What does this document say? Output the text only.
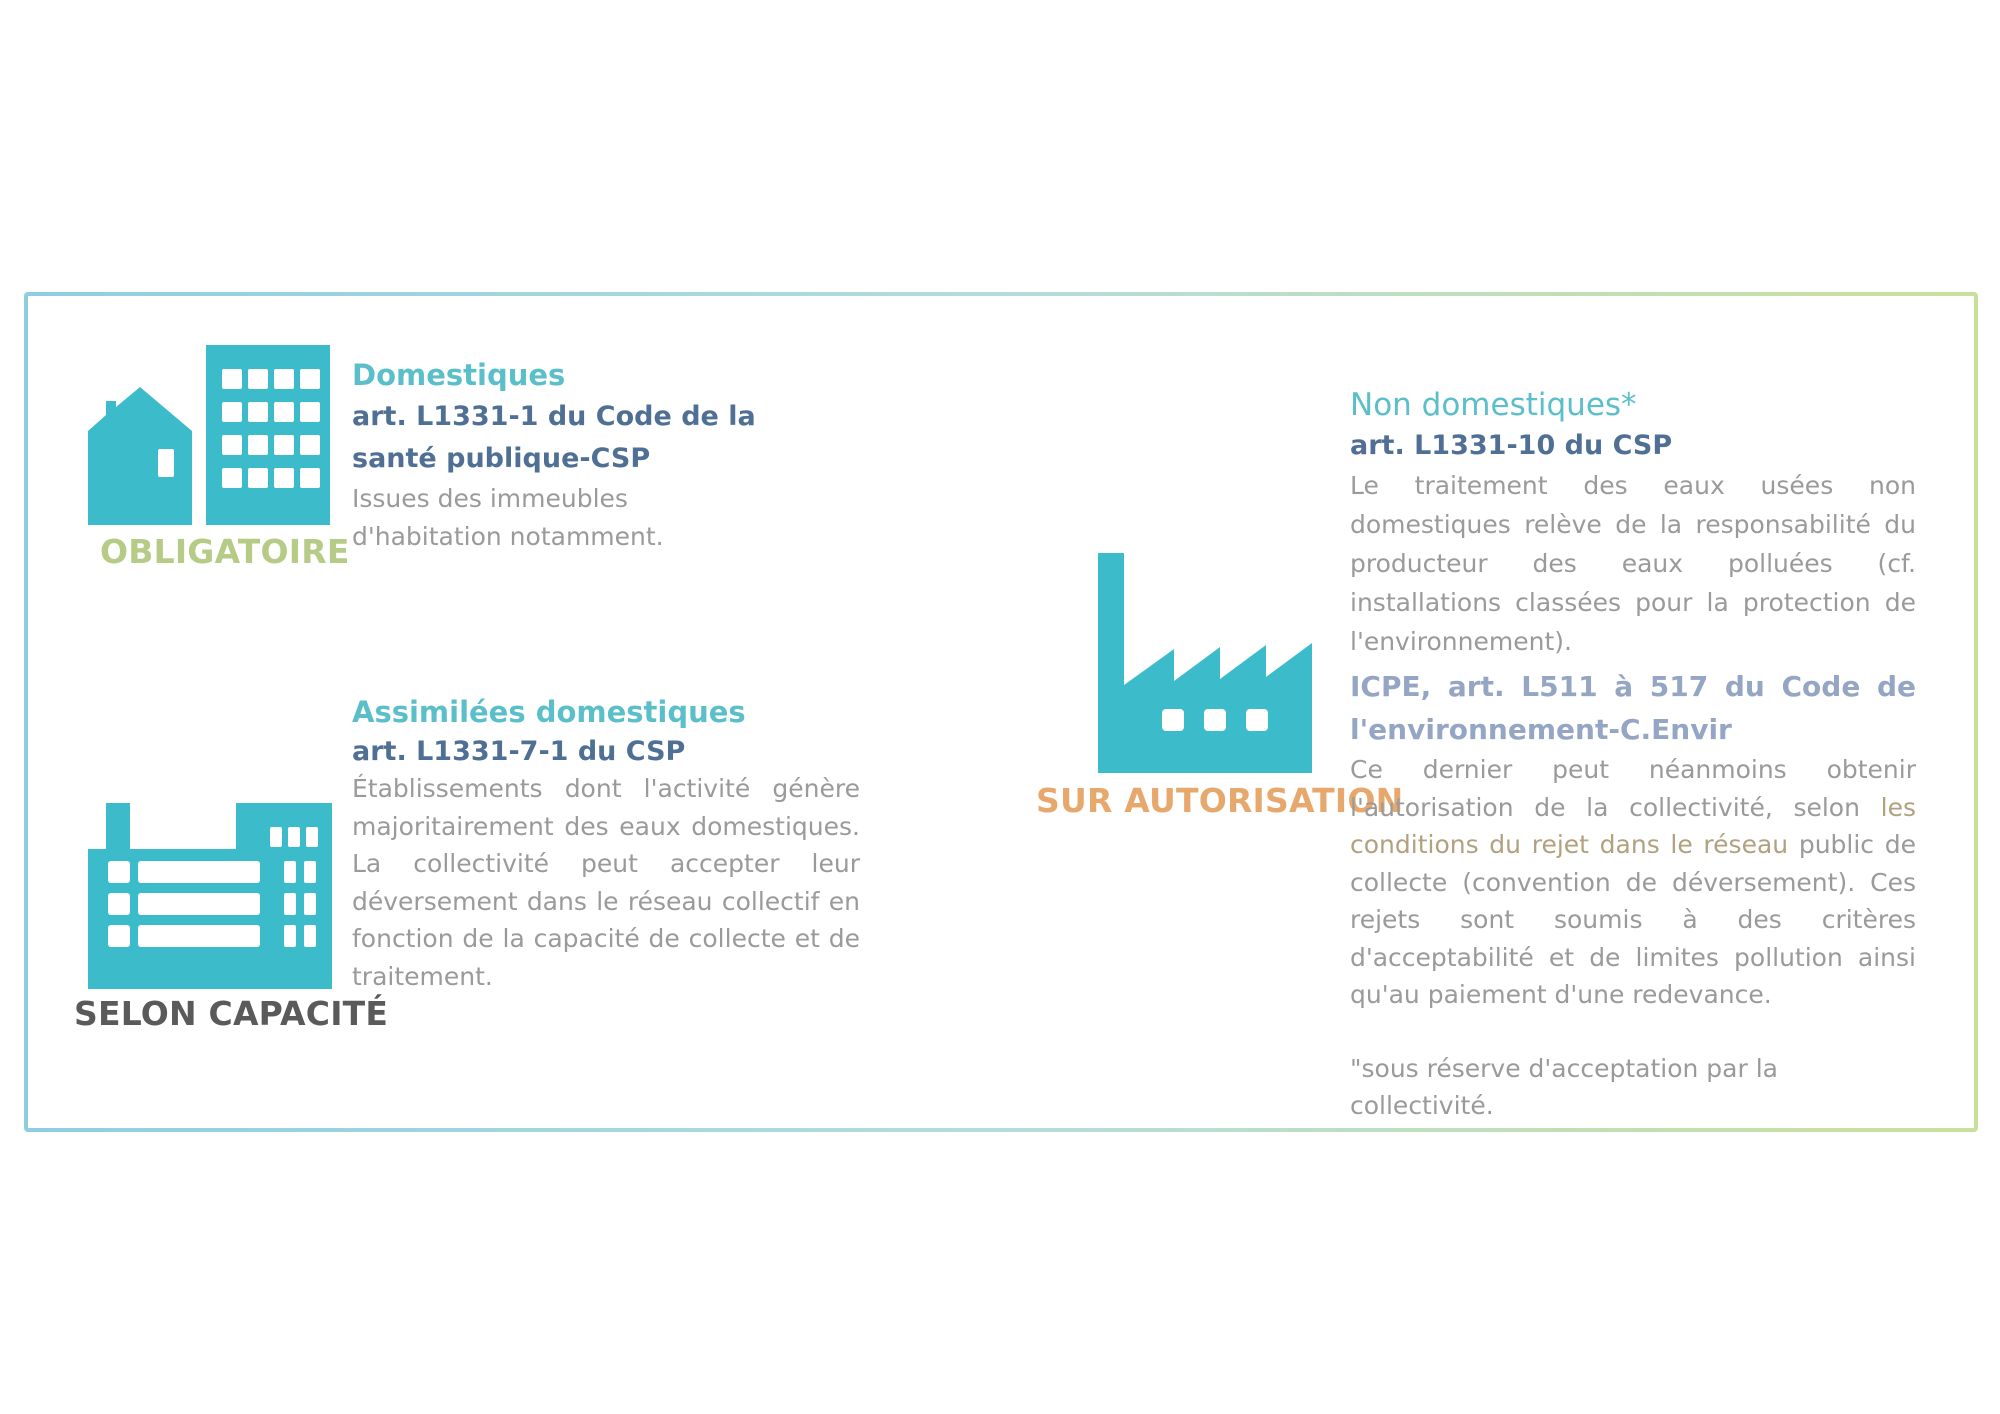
OBLIGATOIRE
Domestiques
art. L1331-1 du Code de la
santé publique-CSP
Issues des immeubles
d'habitation notamment.
SELON CAPACITÉ
Assimilées domestiques
art. L1331-7-1 du CSP
Établissements dont l'activité génère majoritairement des eaux domestiques. La collectivité peut accepter leur déversement dans le réseau collectif en fonction de la capacité de collecte et de traitement.
SUR AUTORISATION
Non domestiques*
art. L1331-10 du CSP
Le traitement des eaux usées non domestiques relève de la responsabilité du producteur des eaux polluées (cf. installations classées pour la protection de l'environnement).
ICPE, art. L511 à 517 du Code de l'environnement-C.Envir
Ce dernier peut néanmoins obtenir l'autorisation de la collectivité, selon les conditions du rejet dans le réseau public de collecte (convention de déversement). Ces rejets sont soumis à des critères d'acceptabilité et de limites pollution ainsi qu'au paiement d'une redevance.
"sous réserve d'acceptation par la collectivité.
